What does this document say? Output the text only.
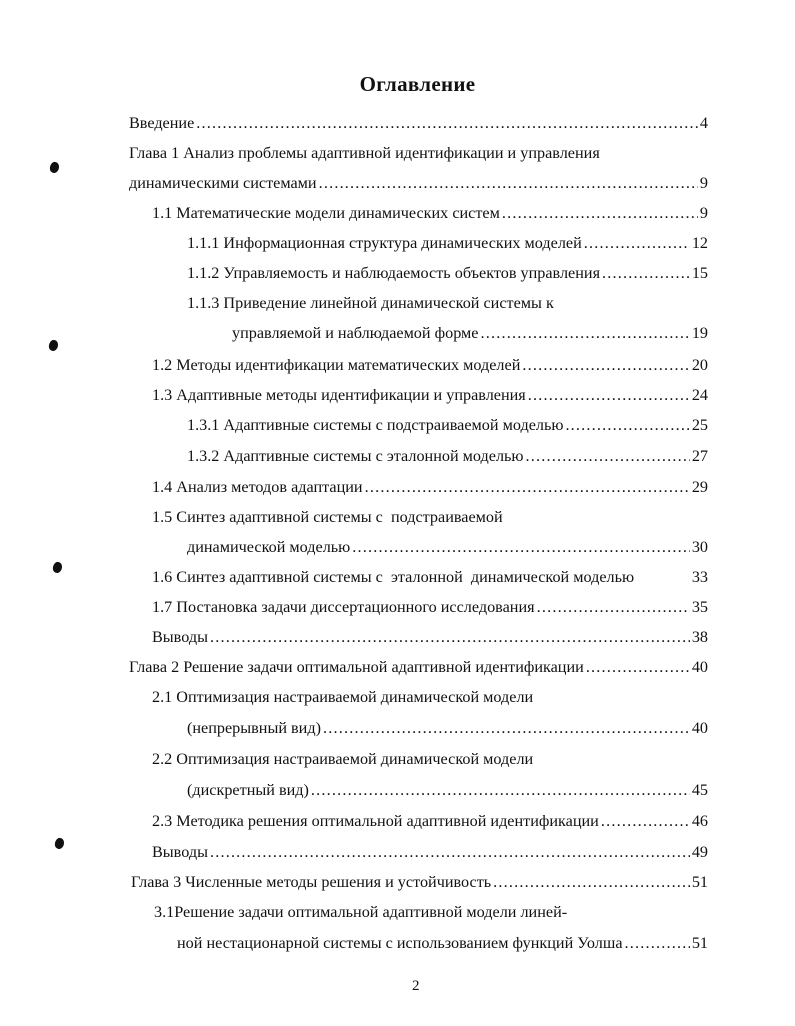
Оглавление
Введение .....	4
Глава 1 Анализ проблемы адаптивной идентификации и управления
динамическими системами .....	9
1.1 Математические модели динамических систем .....	9
1.1.1 Информационная структура динамических моделей .....	12
1.1.2 Управляемость и наблюдаемость объектов управления .....	15
1.1.3 Приведение линейной динамической системы к
управляемой и наблюдаемой форме .....	19
1.2 Методы идентификации математических моделей .....	20
1.3 Адаптивные методы идентификации и управления .....	24
1.3.1 Адаптивные системы с подстраиваемой моделью .....	25
1.3.2 Адаптивные системы с эталонной моделью .....	27
1.4 Анализ методов адаптации .....	29
1.5 Синтез адаптивной системы с  подстраиваемой
динамической моделью .....	30
1.6 Синтез адаптивной системы с  эталонной  динамической моделью	33
1.7 Постановка задачи диссертационного исследования .....	35
Выводы .....	38
Глава 2 Решение задачи оптимальной адаптивной идентификации .....	40
2.1 Оптимизация настраиваемой динамической модели
(непрерывный вид) .....	40
2.2 Оптимизация настраиваемой динамической модели
(дискретный вид) .....	45
2.3 Методика решения оптимальной адаптивной идентификации .....	46
Выводы .....	49
Глава 3 Численные методы решения и устойчивость .....	51
3.1Решение задачи оптимальной адаптивной модели линей-
ной нестационарной системы с использованием функций Уолша .....	51
2
